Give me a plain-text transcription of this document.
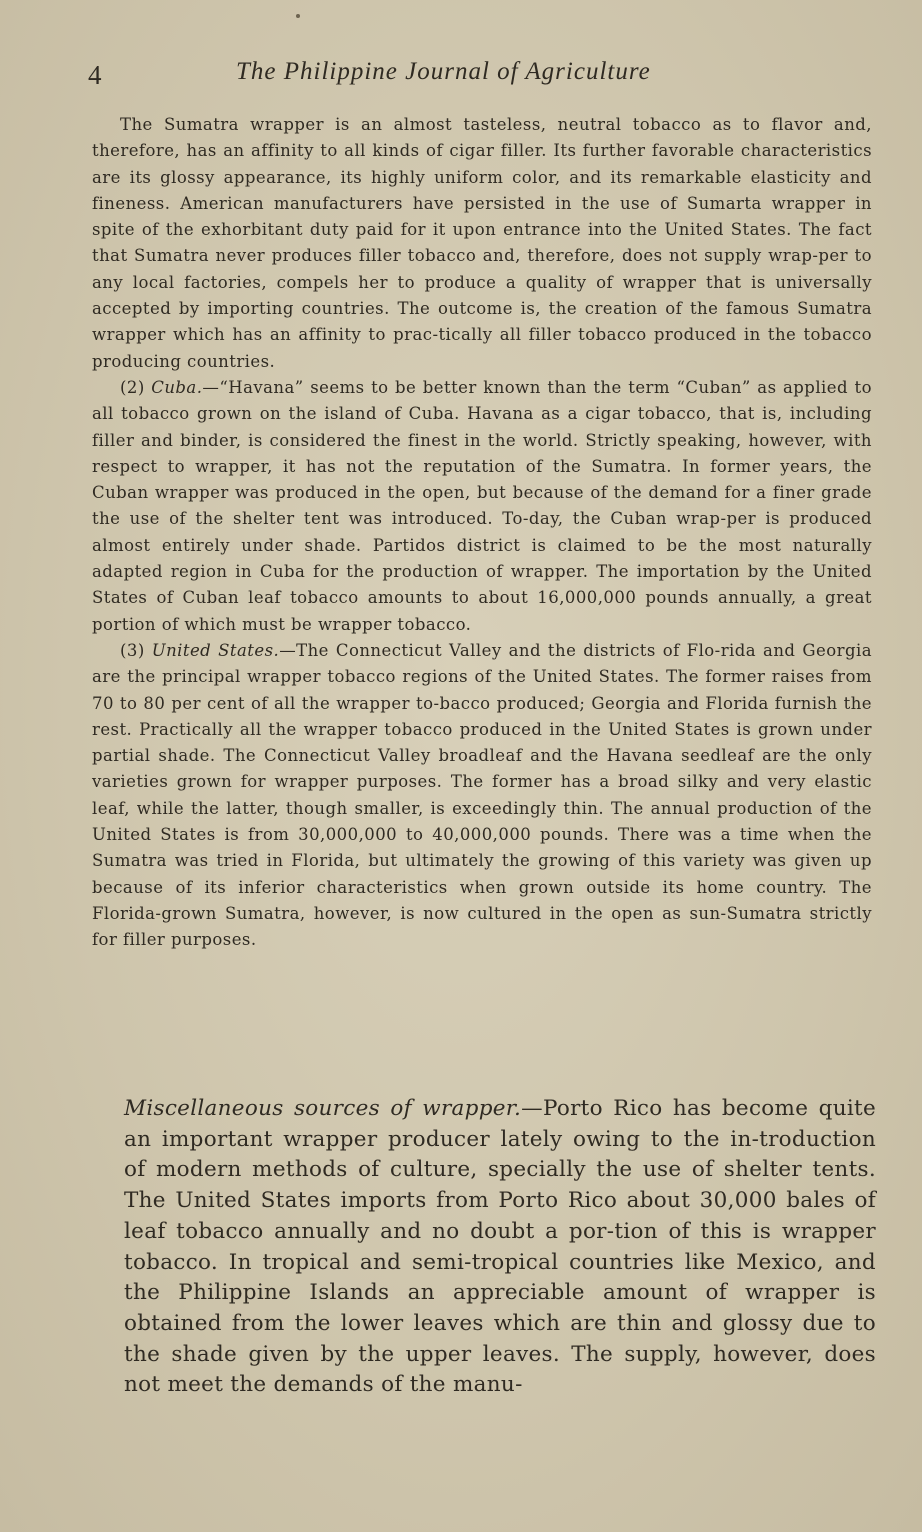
4	The Philippine Journal of Agriculture

The Sumatra wrapper is an almost tasteless, neutral tobacco as to flavor and, therefore, has an affinity to all kinds of cigar filler. Its further favorable characteristics are its glossy appearance, its highly uniform color, and its remarkable elasticity and fineness. American manufacturers have persisted in the use of Sumarta wrapper in spite of the exhorbitant duty paid for it upon entrance into the United States. The fact that Sumatra never produces filler tobacco and, therefore, does not supply wrap-per to any local factories, compels her to produce a quality of wrapper that is universally accepted by importing countries. The outcome is, the creation of the famous Sumatra wrapper which has an affinity to prac-tically all filler tobacco produced in the tobacco producing countries.

(2) Cuba.—“Havana” seems to be better known than the term “Cuban” as applied to all tobacco grown on the island of Cuba. Havana as a cigar tobacco, that is, including filler and binder, is considered the finest in the world. Strictly speaking, however, with respect to wrapper, it has not the reputation of the Sumatra. In former years, the Cuban wrapper was produced in the open, but because of the demand for a finer grade the use of the shelter tent was introduced. To-day, the Cuban wrap-per is produced almost entirely under shade. Partidos district is claimed to be the most naturally adapted region in Cuba for the production of wrapper. The importation by the United States of Cuban leaf tobacco amounts to about 16,000,000 pounds annually, a great portion of which must be wrapper tobacco.

(3) United States.—The Connecticut Valley and the districts of Flo-rida and Georgia are the principal wrapper tobacco regions of the United States. The former raises from 70 to 80 per cent of all the wrapper to-bacco produced; Georgia and Florida furnish the rest. Practically all the wrapper tobacco produced in the United States is grown under partial shade. The Connecticut Valley broadleaf and the Havana seedleaf are the only varieties grown for wrapper purposes. The former has a broad silky and very elastic leaf, while the latter, though smaller, is exceedingly thin. The annual production of the United States is from 30,000,000 to 40,000,000 pounds. There was a time when the Sumatra was tried in Florida, but ultimately the growing of this variety was given up because of its inferior characteristics when grown outside its home country. The Florida-grown Sumatra, however, is now cultured in the open as sun-Sumatra strictly for filler purposes.

Miscellaneous sources of wrapper.—Porto Rico has become quite an important wrapper producer lately owing to the in-troduction of modern methods of culture, specially the use of shelter tents. The United States imports from Porto Rico about 30,000 bales of leaf tobacco annually and no doubt a por-tion of this is wrapper tobacco. In tropical and semi-tropical countries like Mexico, and the Philippine Islands an appreciable amount of wrapper is obtained from the lower leaves which are thin and glossy due to the shade given by the upper leaves. The supply, however, does not meet the demands of the manu-
